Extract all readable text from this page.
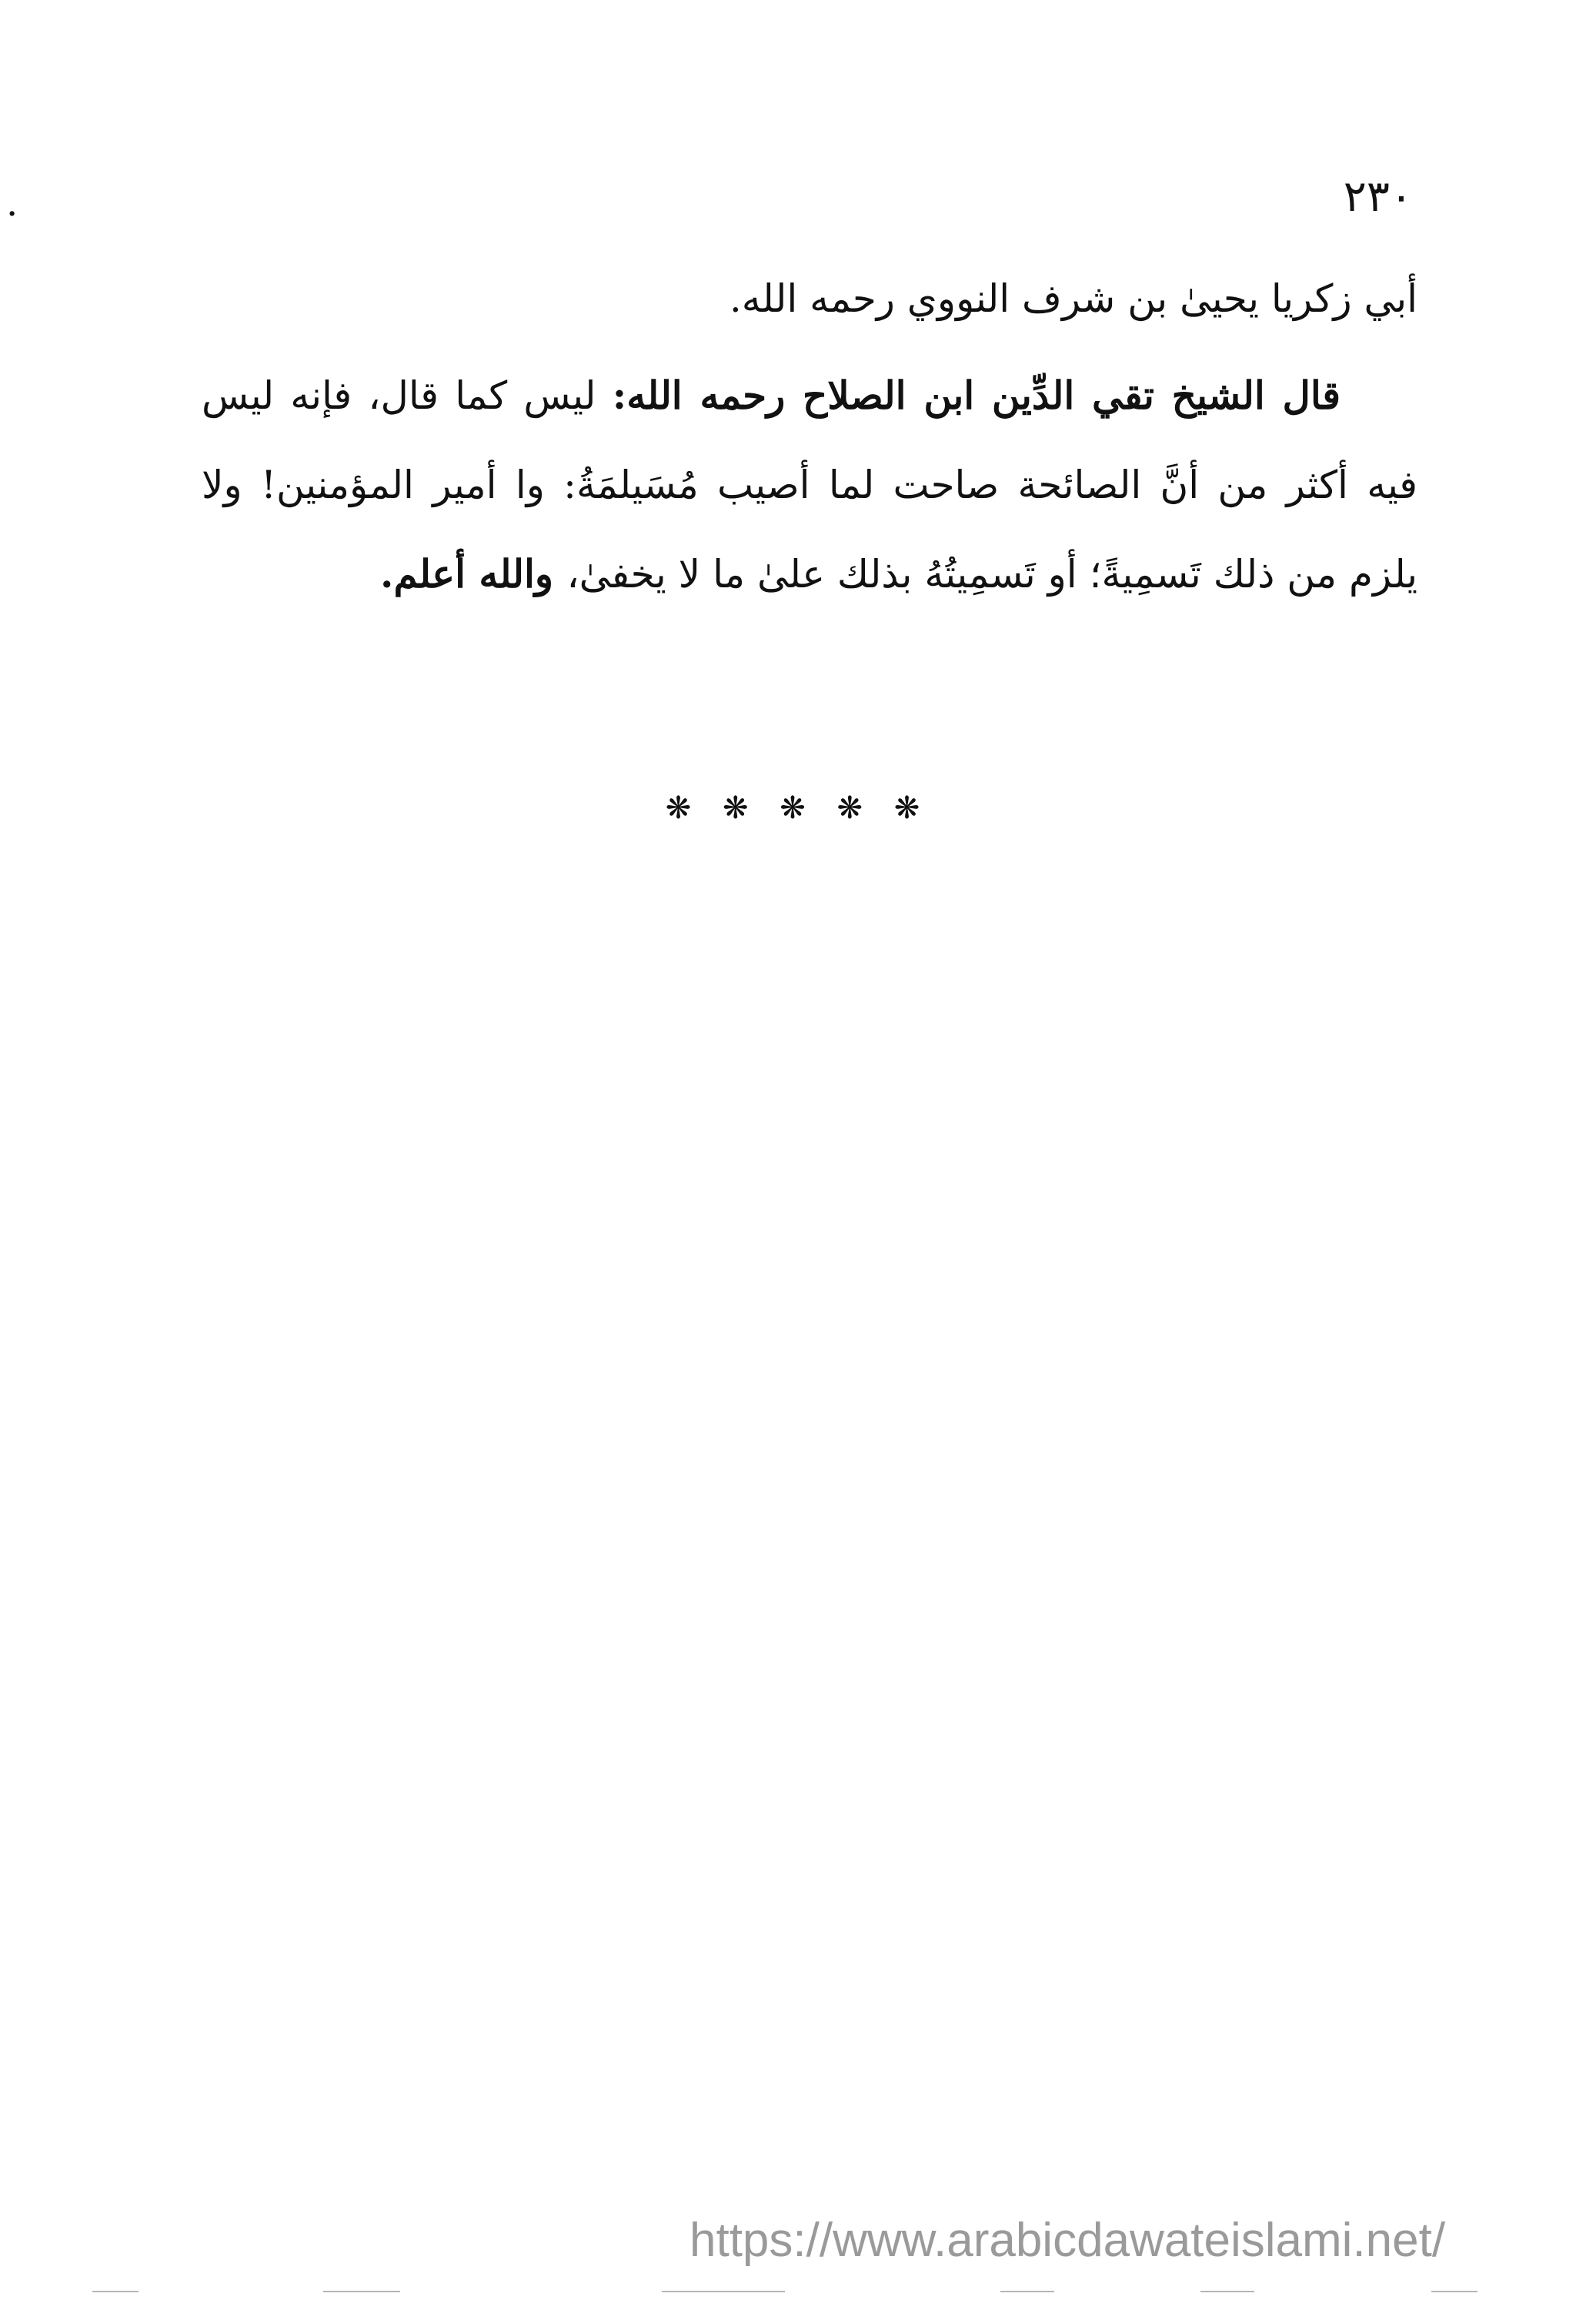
٢٣٠
.

أبي زكريا يحيىٰ بن شرف النووي رحمه الله.

قال الشيخ تقي الدِّين ابن الصلاح رحمه الله: ليس كما قال، فإنه ليس فيه أكثر من أنَّ الصائحة صاحت لما أصيب مُسَيلمَةُ: وا أمير المؤمنين! ولا يلزم من ذلك تَسمِيةً؛ أو تَسمِيتُهُ بذلك علىٰ ما لا يخفىٰ، والله أعلم.

❋ ❋ ❋ ❋ ❋
https://www.arabicdawateislami.net/
